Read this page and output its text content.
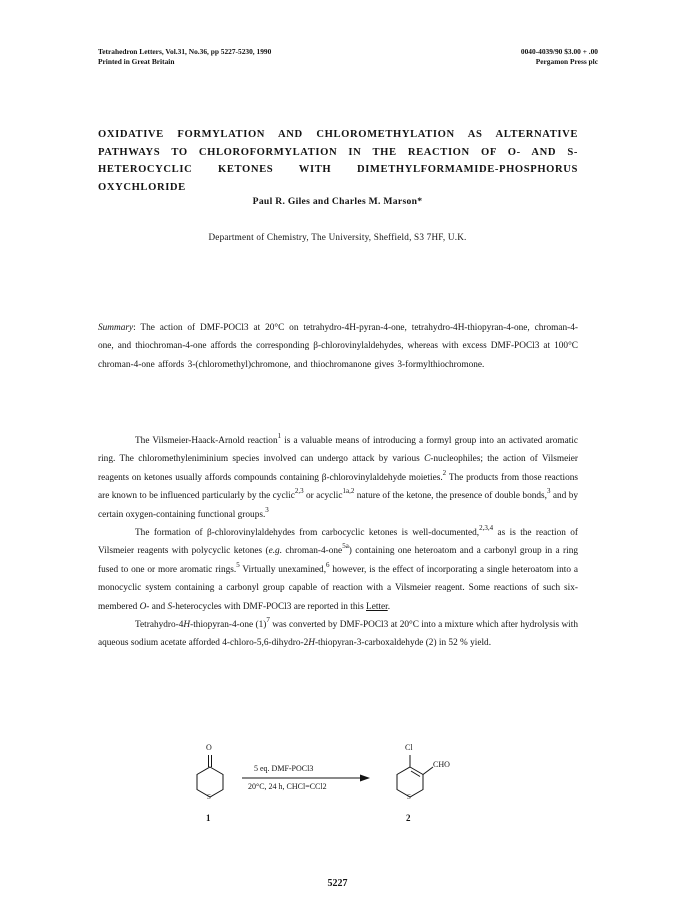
Tetrahedron Letters, Vol.31, No.36, pp 5227-5230, 1990
Printed in Great Britain
0040-4039/90 $3.00 + .00
Pergamon Press plc
OXIDATIVE FORMYLATION AND CHLOROMETHYLATION AS ALTERNATIVE PATHWAYS TO CHLOROFORMYLATION IN THE REACTION OF O- AND S-HETEROCYCLIC KETONES WITH DIMETHYLFORMAMIDE-PHOSPHORUS OXYCHLORIDE
Paul R. Giles and Charles M. Marson*
Department of Chemistry, The University, Sheffield, S3 7HF, U.K.

Summary: The action of DMF-POCl3 at 20°C on tetrahydro-4H-pyran-4-one, tetrahydro-4H-thiopyran-4-one, chroman-4-one, and thiochroman-4-one affords the corresponding β-chlorovinylaldehydes, whereas with excess DMF-POCl3 at 100°C chroman-4-one affords 3-(chloromethyl)chromone, and thiochromanone gives 3-formylthiochromone.

The Vilsmeier-Haack-Arnold reaction$^1$ is a valuable means of introducing a formyl group into an activated aromatic ring. The chloromethyleniminium species involved can undergo attack by various C-nucleophiles; the action of Vilsmeier reagents on ketones usually affords compounds containing β-chlorovinylaldehyde moieties.$^2$ The products from those reactions are known to be influenced particularly by the cyclic$^{2,3}$ or acyclic$^{1a,2}$ nature of the ketone, the presence of double bonds,$^3$ and by certain oxygen-containing functional groups.$^3$

The formation of β-chlorovinylaldehydes from carbocyclic ketones is well-documented,$^{2,3,4}$ as is the reaction of Vilsmeier reagents with polycyclic ketones (e.g. chroman-4-one$^{5a}$) containing one heteroatom and a carbonyl group in a ring fused to one or more aromatic rings.$^5$ Virtually unexamined,$^6$ however, is the effect of incorporating a single heteroatom into a monocyclic system containing a carbonyl group capable of reaction with a Vilsmeier reagent. Some reactions of such six-membered O- and S-heterocycles with DMF-POCl3 are reported in this Letter.

Tetrahydro-4H-thiopyran-4-one $(1)^7$ was converted by DMF-POCl3 at 20°C into a mixture which after hydrolysis with aqueous sodium acetate afforded 4-chloro-5,6-dihydro-2H-thiopyran-3-carboxaldehyde (2) in 52 % yield.

O
S
5 eq. DMF-POCl3
20°C, 24 h, CHCl=CCl2
Cl
CHO
S
1	2
5227
